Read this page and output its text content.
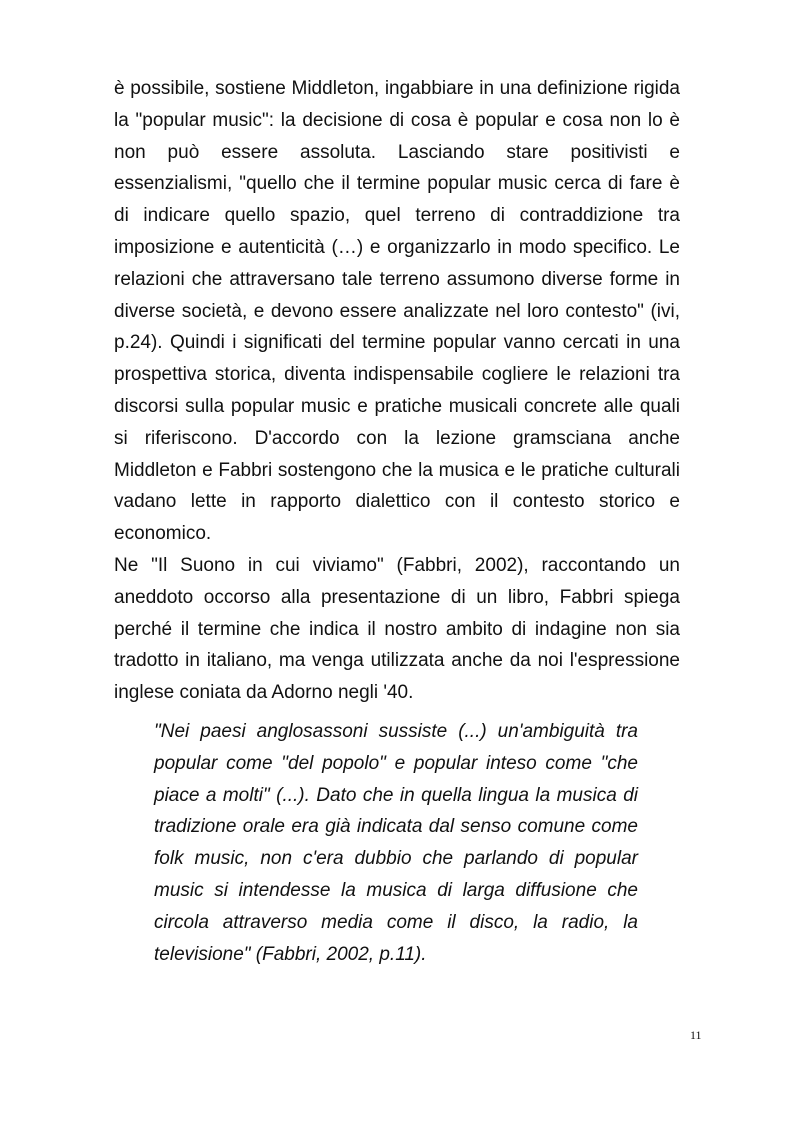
è possibile, sostiene Middleton, ingabbiare in una definizione rigida la "popular music": la decisione di cosa è popular e cosa non lo è non può essere assoluta. Lasciando stare positivisti e essenzialismi, "quello che il termine popular music cerca di fare è di indicare quello spazio, quel terreno di contraddizione tra imposizione e autenticità (…) e organizzarlo in modo specifico. Le relazioni che attraversano tale terreno assumono diverse forme in diverse società, e devono essere analizzate nel loro contesto" (ivi, p.24). Quindi i significati del termine popular vanno cercati in una prospettiva storica, diventa indispensabile cogliere le relazioni tra discorsi sulla popular music e pratiche musicali concrete alle quali si riferiscono. D'accordo con la lezione gramsciana anche Middleton e Fabbri sostengono che la musica e le pratiche culturali vadano lette in rapporto dialettico con il contesto storico e economico.

Ne "Il Suono in cui viviamo" (Fabbri, 2002), raccontando un aneddoto occorso alla presentazione di un libro, Fabbri spiega perché il termine che indica il nostro ambito di indagine non sia tradotto in italiano, ma venga utilizzata anche da noi l'espressione inglese coniata da Adorno negli '40.

"Nei paesi anglosassoni sussiste (...) un'ambiguità tra popular come "del popolo" e popular inteso come "che piace a molti" (...). Dato che in quella lingua la musica di tradizione orale era già indicata dal senso comune come folk music, non c'era dubbio che parlando di popular music si intendesse la musica di larga diffusione che circola attraverso media come il disco, la radio, la televisione" (Fabbri, 2002, p.11).

11
